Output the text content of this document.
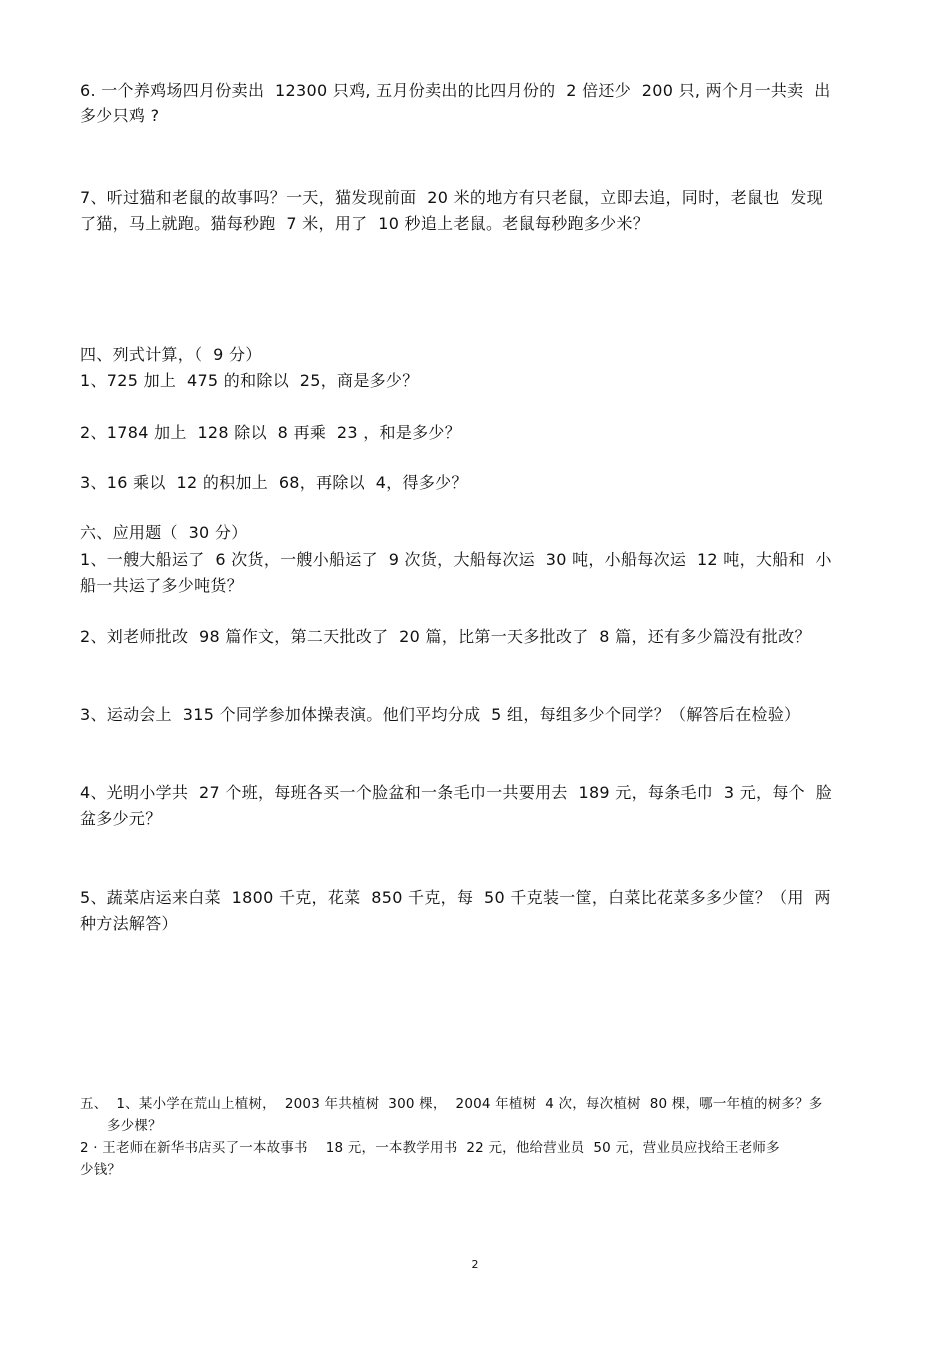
6. 一个养鸡场四月份卖出  12300 只鸡, 五月份卖出的比四月份的  2 倍还少  200 只, 两个月一共卖  出
多少只鸡 ?
7、听过猫和老鼠的故事吗？一天，猫发现前面  20 米的地方有只老鼠，立即去追，同时，老鼠也  发现
了猫，马上就跑。猫每秒跑  7 米，用了  10 秒追上老鼠。老鼠每秒跑多少米？
四、列式计算，（  9 分）
1、725 加上  475 的和除以  25，商是多少？
2、1784 加上  128 除以  8 再乘  23 ，和是多少？
3、16 乘以  12 的积加上  68，再除以  4，得多少？
六、应用题（  30 分）
1、一艘大船运了  6 次货，一艘小船运了  9 次货，大船每次运  30 吨，小船每次运  12 吨，大船和  小
船一共运了多少吨货？
2、刘老师批改  98 篇作文，第二天批改了  20 篇，比第一天多批改了  8 篇，还有多少篇没有批改？
3、运动会上  315 个同学参加体操表演。他们平均分成  5 组，每组多少个同学？（解答后在检验）
4、光明小学共  27 个班，每班各买一个脸盆和一条毛巾一共要用去  189 元，每条毛巾  3 元，每个  脸
盆多少元？
5、蔬菜店运来白菜  1800 千克，花菜  850 千克，每  50 千克装一筐，白菜比花菜多多少筐？（用  两
种方法解答）
五、  1、某小学在荒山上植树，  2003 年共植树  300 棵，  2004 年植树  4 次，每次植树  80 棵，哪一年植的树多？多
多少棵？
2 · 王老师在新华书店买了一本故事书    18 元，一本教学用书  22 元，他给营业员  50 元，营业员应找给王老师多
少钱？
2
